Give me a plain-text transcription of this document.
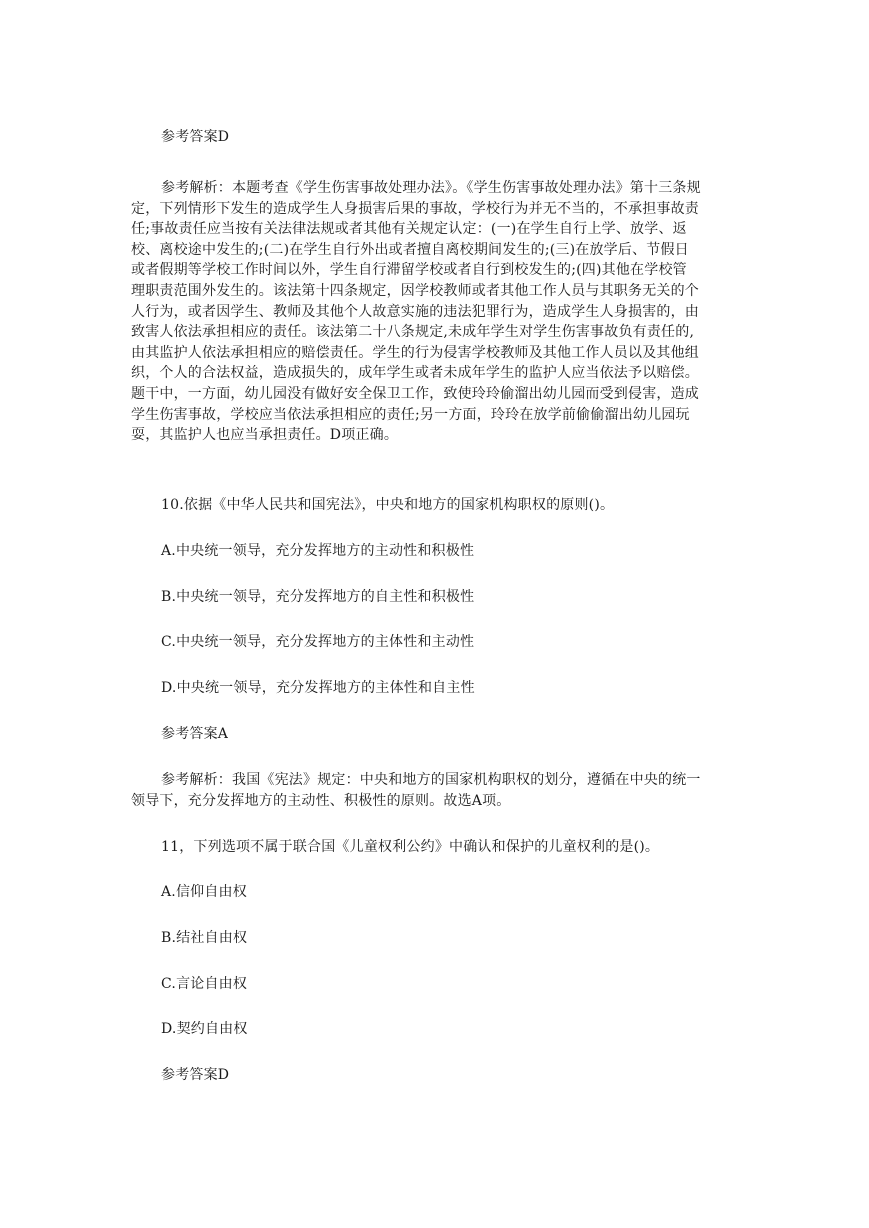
参考答案D

参考解析：本题考查《学生伤害事故处理办法》。《学生伤害事故处理办法》第十三条规
定，下列情形下发生的造成学生人身损害后果的事故，学校行为并无不当的，不承担事故责
任;事故责任应当按有关法律法规或者其他有关规定认定：(一)在学生自行上学、放学、返
校、离校途中发生的;(二)在学生自行外出或者擅自离校期间发生的;(三)在放学后、节假日
或者假期等学校工作时间以外，学生自行滞留学校或者自行到校发生的;(四)其他在学校管
理职责范围外发生的。该法第十四条规定，因学校教师或者其他工作人员与其职务无关的个
人行为，或者因学生、教师及其他个人故意实施的违法犯罪行为，造成学生人身损害的，由
致害人依法承担相应的责任。该法第二十八条规定,未成年学生对学生伤害事故负有责任的,
由其监护人依法承担相应的赔偿责任。学生的行为侵害学校教师及其他工作人员以及其他组
织，个人的合法权益，造成损失的，成年学生或者未成年学生的监护人应当依法予以赔偿。
题干中，一方面，幼儿园没有做好安全保卫工作，致使玲玲偷溜出幼儿园而受到侵害，造成
学生伤害事故，学校应当依法承担相应的责任;另一方面，玲玲在放学前偷偷溜出幼儿园玩
耍，其监护人也应当承担责任。D项正确。

10.依据《中华人民共和国宪法》，中央和地方的国家机构职权的原则()。

A.中央统一领导，充分发挥地方的主动性和积极性

B.中央统一领导，充分发挥地方的自主性和积极性

C.中央统一领导，充分发挥地方的主体性和主动性

D.中央统一领导，充分发挥地方的主体性和自主性

参考答案A

参考解析：我国《宪法》规定：中央和地方的国家机构职权的划分，遵循在中央的统一
领导下，充分发挥地方的主动性、积极性的原则。故选A项。

11，下列选项不属于联合国《儿童权利公约》中确认和保护的儿童权利的是()。

A.信仰自由权

B.结社自由权

C.言论自由权

D.契约自由权

参考答案D
